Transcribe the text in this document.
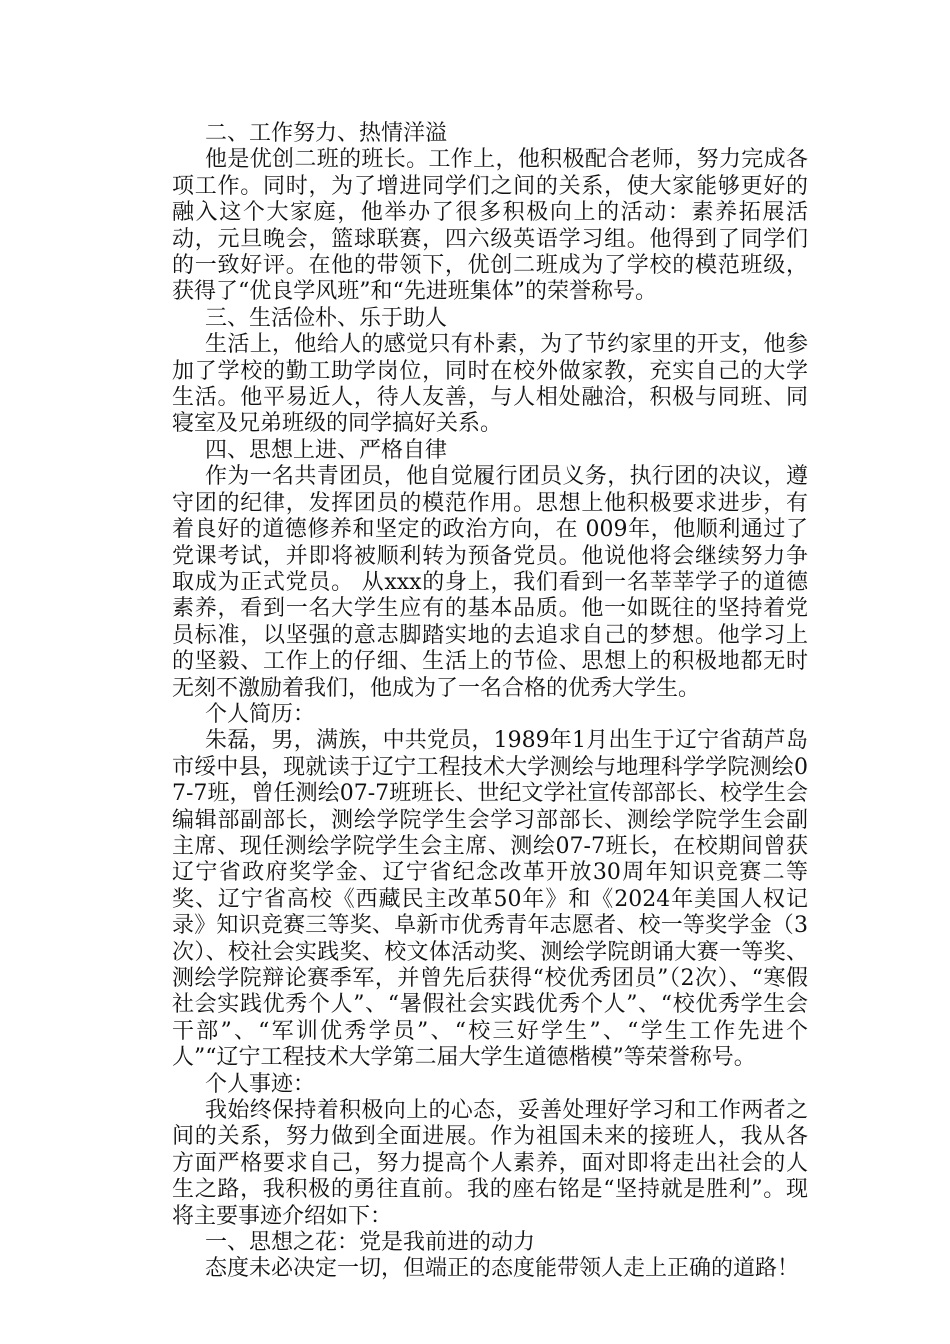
二、工作努力、热情洋溢

他是优创二班的班长。工作上，他积极配合老师，努力完成各项工作。同时，为了增进同学们之间的关系，使大家能够更好的融入这个大家庭，他举办了很多积极向上的活动：素养拓展活动，元旦晚会，篮球联赛，四六级英语学习组。他得到了同学们的一致好评。在他的带领下，优创二班成为了学校的模范班级，获得了“优良学风班”和“先进班集体”的荣誉称号。

三、生活俭朴、乐于助人

生活上，他给人的感觉只有朴素，为了节约家里的开支，他参加了学校的勤工助学岗位，同时在校外做家教，充实自己的大学生活。他平易近人，待人友善，与人相处融洽，积极与同班、同寝室及兄弟班级的同学搞好关系。

四、思想上进、严格自律

作为一名共青团员，他自觉履行团员义务，执行团的决议，遵守团的纪律，发挥团员的模范作用。思想上他积极要求进步，有着良好的道德修养和坚定的政治方向，在 009年，他顺利通过了党课考试，并即将被顺利转为预备党员。他说他将会继续努力争取成为正式党员。 从xxx的身上，我们看到一名莘莘学子的道德素养，看到一名大学生应有的基本品质。他一如既往的坚持着党员标准，以坚强的意志脚踏实地的去追求自己的梦想。他学习上的坚毅、工作上的仔细、生活上的节俭、思想上的积极地都无时无刻不激励着我们，他成为了一名合格的优秀大学生。

个人简历：

朱磊，男，满族，中共党员，1989年1月出生于辽宁省葫芦岛市绥中县，现就读于辽宁工程技术大学测绘与地理科学学院测绘07-7班，曾任测绘07-7班班长、世纪文学社宣传部部长、校学生会编辑部副部长，测绘学院学生会学习部部长、测绘学院学生会副主席、现任测绘学院学生会主席、测绘07-7班长，在校期间曾获辽宁省政府奖学金、辽宁省纪念改革开放30周年知识竞赛二等奖、辽宁省高校《西藏民主改革50年》和《2024年美国人权记录》知识竞赛三等奖、阜新市优秀青年志愿者、校一等奖学金（3次）、校社会实践奖、校文体活动奖、测绘学院朗诵大赛一等奖、测绘学院辩论赛季军，并曾先后获得“校优秀团员”（2次）、“寒假社会实践优秀个人”、“暑假社会实践优秀个人”、“校优秀学生会干部”、“军训优秀学员”、“校三好学生”、“学生工作先进个人”“辽宁工程技术大学第二届大学生道德楷模”等荣誉称号。

个人事迹：

我始终保持着积极向上的心态，妥善处理好学习和工作两者之间的关系，努力做到全面进展。作为祖国未来的接班人，我从各方面严格要求自己，努力提高个人素养，面对即将走出社会的人生之路，我积极的勇往直前。我的座右铭是“坚持就是胜利”。现将主要事迹介绍如下：

一、思想之花：党是我前进的动力

态度未必决定一切，但端正的态度能带领人走上正确的道路！
